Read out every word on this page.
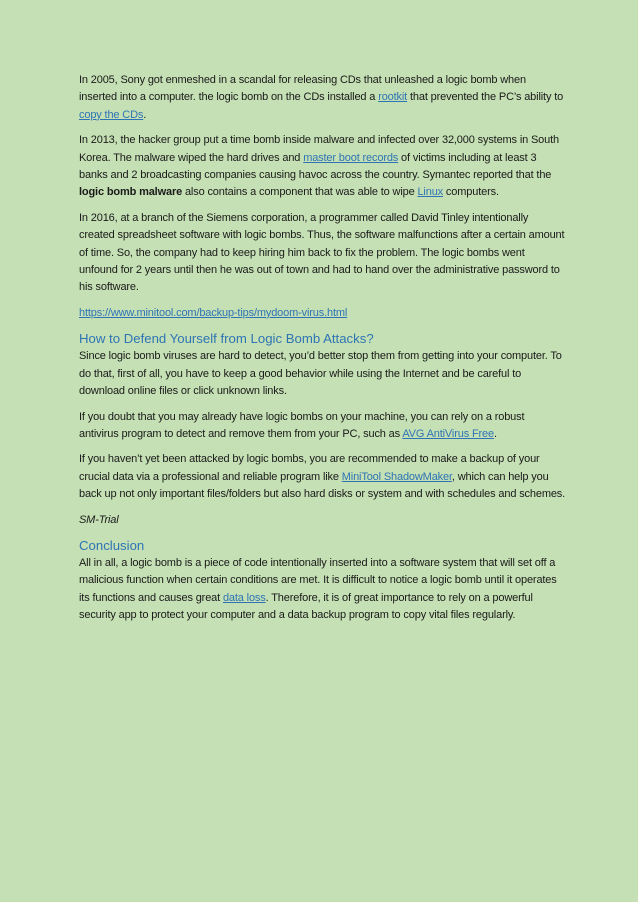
In 2005, Sony got enmeshed in a scandal for releasing CDs that unleashed a logic bomb when inserted into a computer. the logic bomb on the CDs installed a rootkit that prevented the PC’s ability to copy the CDs.

In 2013, the hacker group put a time bomb inside malware and infected over 32,000 systems in South Korea. The malware wiped the hard drives and master boot records of victims including at least 3 banks and 2 broadcasting companies causing havoc across the country. Symantec reported that the logic bomb malware also contains a component that was able to wipe Linux computers.

In 2016, at a branch of the Siemens corporation, a programmer called David Tinley intentionally created spreadsheet software with logic bombs. Thus, the software malfunctions after a certain amount of time. So, the company had to keep hiring him back to fix the problem. The logic bombs went unfound for 2 years until then he was out of town and had to hand over the administrative password to his software.

https://www.minitool.com/backup-tips/mydoom-virus.html

How to Defend Yourself from Logic Bomb Attacks?

Since logic bomb viruses are hard to detect, you’d better stop them from getting into your computer. To do that, first of all, you have to keep a good behavior while using the Internet and be careful to download online files or click unknown links.

If you doubt that you may already have logic bombs on your machine, you can rely on a robust antivirus program to detect and remove them from your PC, such as AVG AntiVirus Free.

If you haven’t yet been attacked by logic bombs, you are recommended to make a backup of your crucial data via a professional and reliable program like MiniTool ShadowMaker, which can help you back up not only important files/folders but also hard disks or system and with schedules and schemes.

SM-Trial

Conclusion

All in all, a logic bomb is a piece of code intentionally inserted into a software system that will set off a malicious function when certain conditions are met. It is difficult to notice a logic bomb until it operates its functions and causes great data loss. Therefore, it is of great importance to rely on a powerful security app to protect your computer and a data backup program to copy vital files regularly.
